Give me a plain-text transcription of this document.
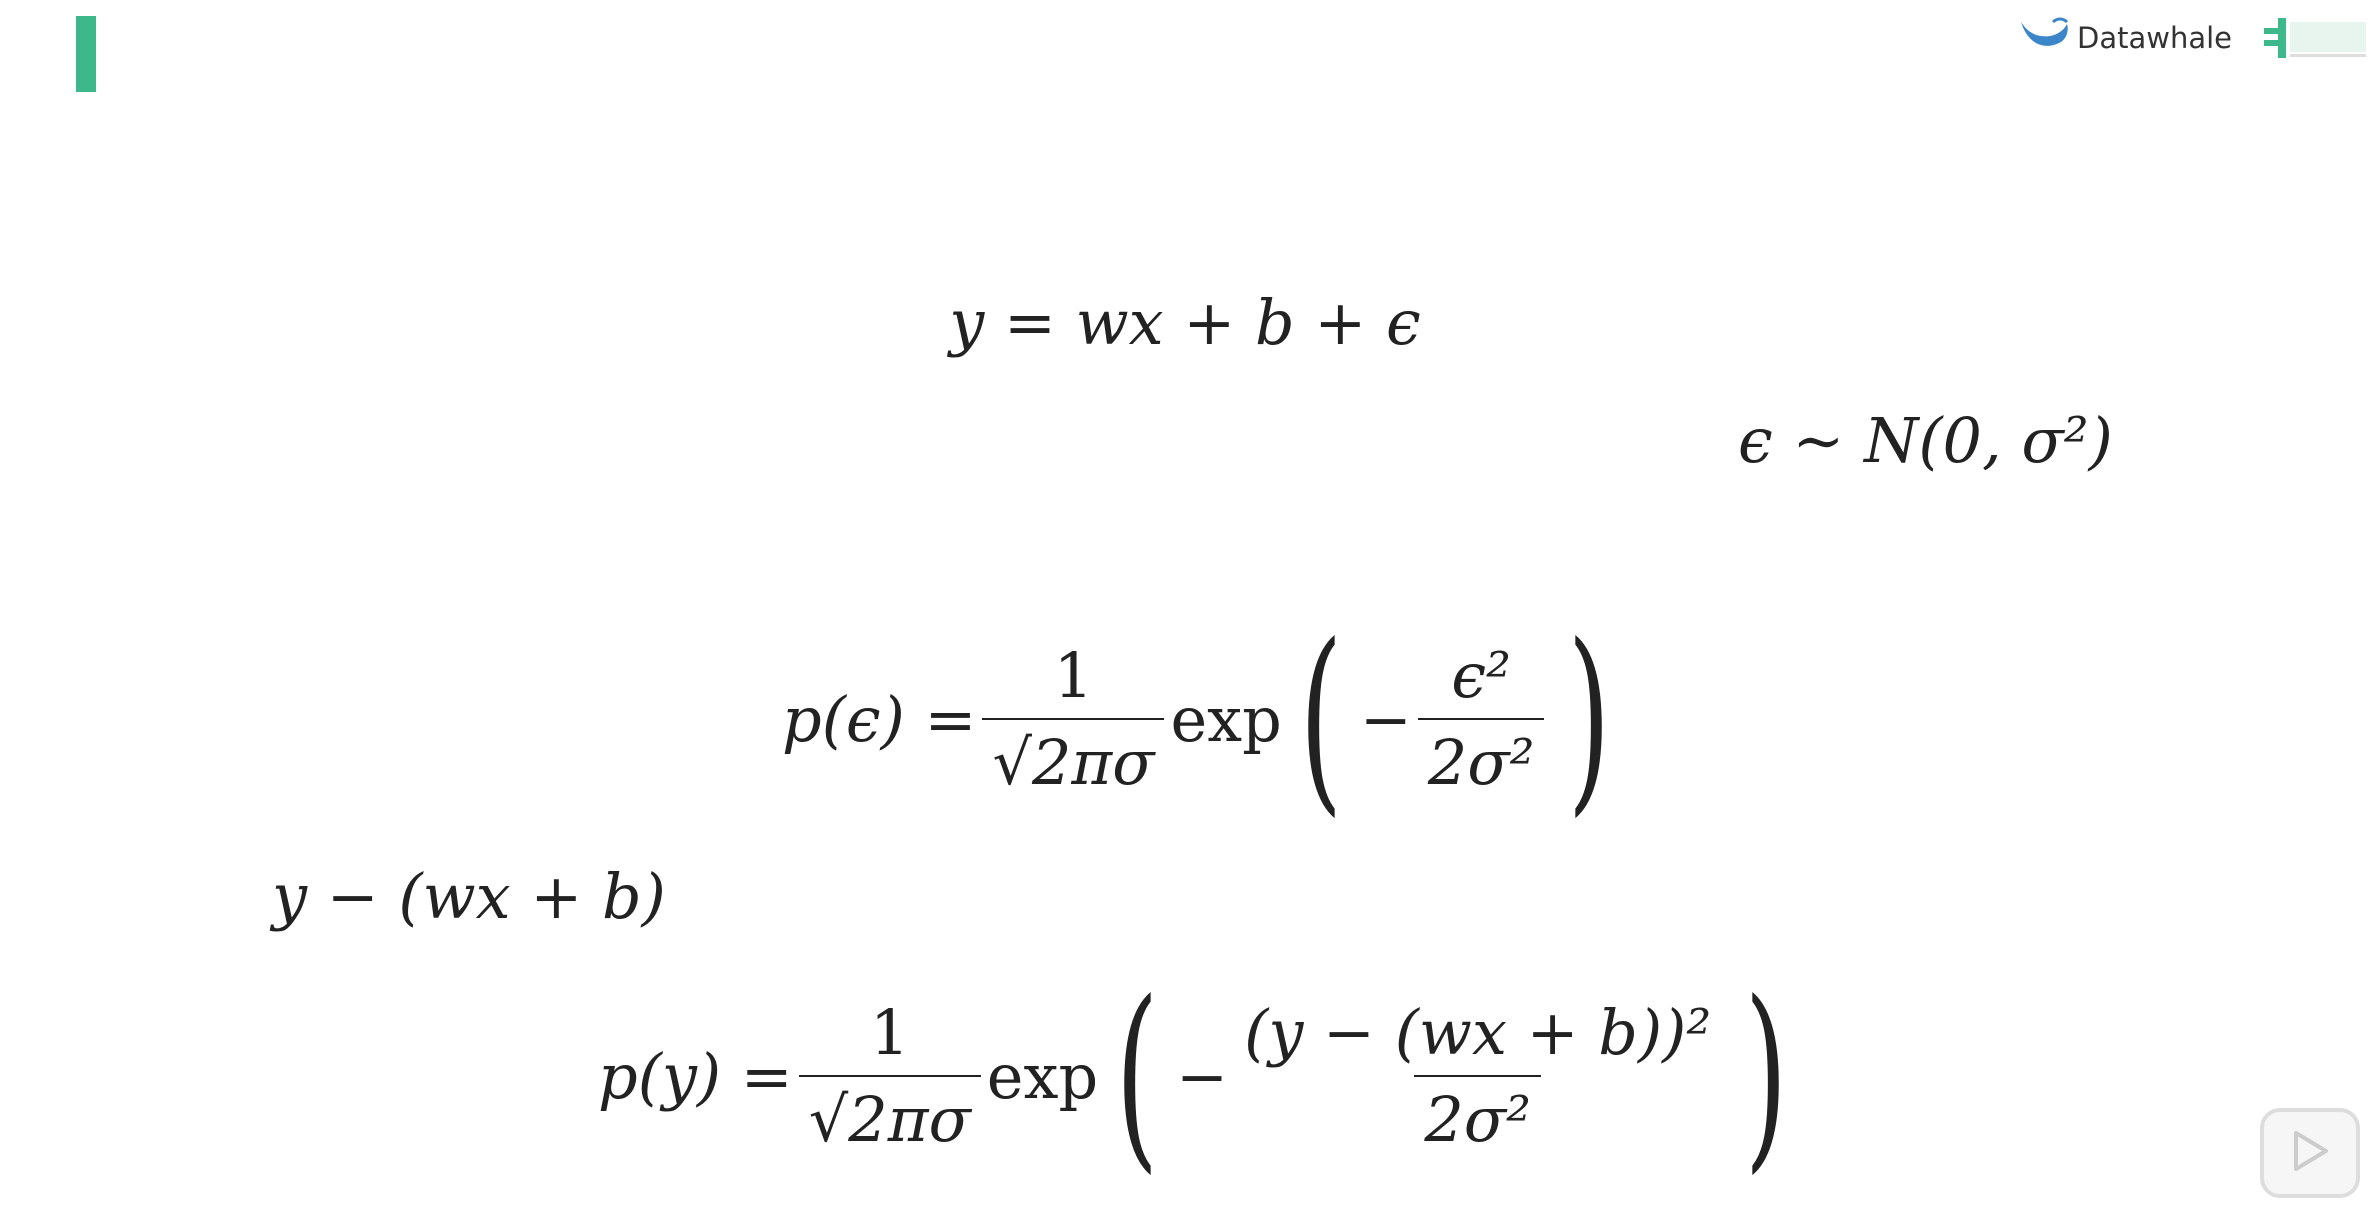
Datawhale
y = wx + b + ϵ
ϵ ∼ N(0, σ²)
$p(\epsilon) = \frac{1}{√2\pi\sigma}$ exp ( − $\frac{\text{ϵ²}}{\text{2σ²}}$ )
y − (wx + b)
$p(y) = \frac{1}{√2\pi\sigma}$ exp ( − $\frac{\text{(y − (wx + b))²}}{\text{2σ²}}$ )
